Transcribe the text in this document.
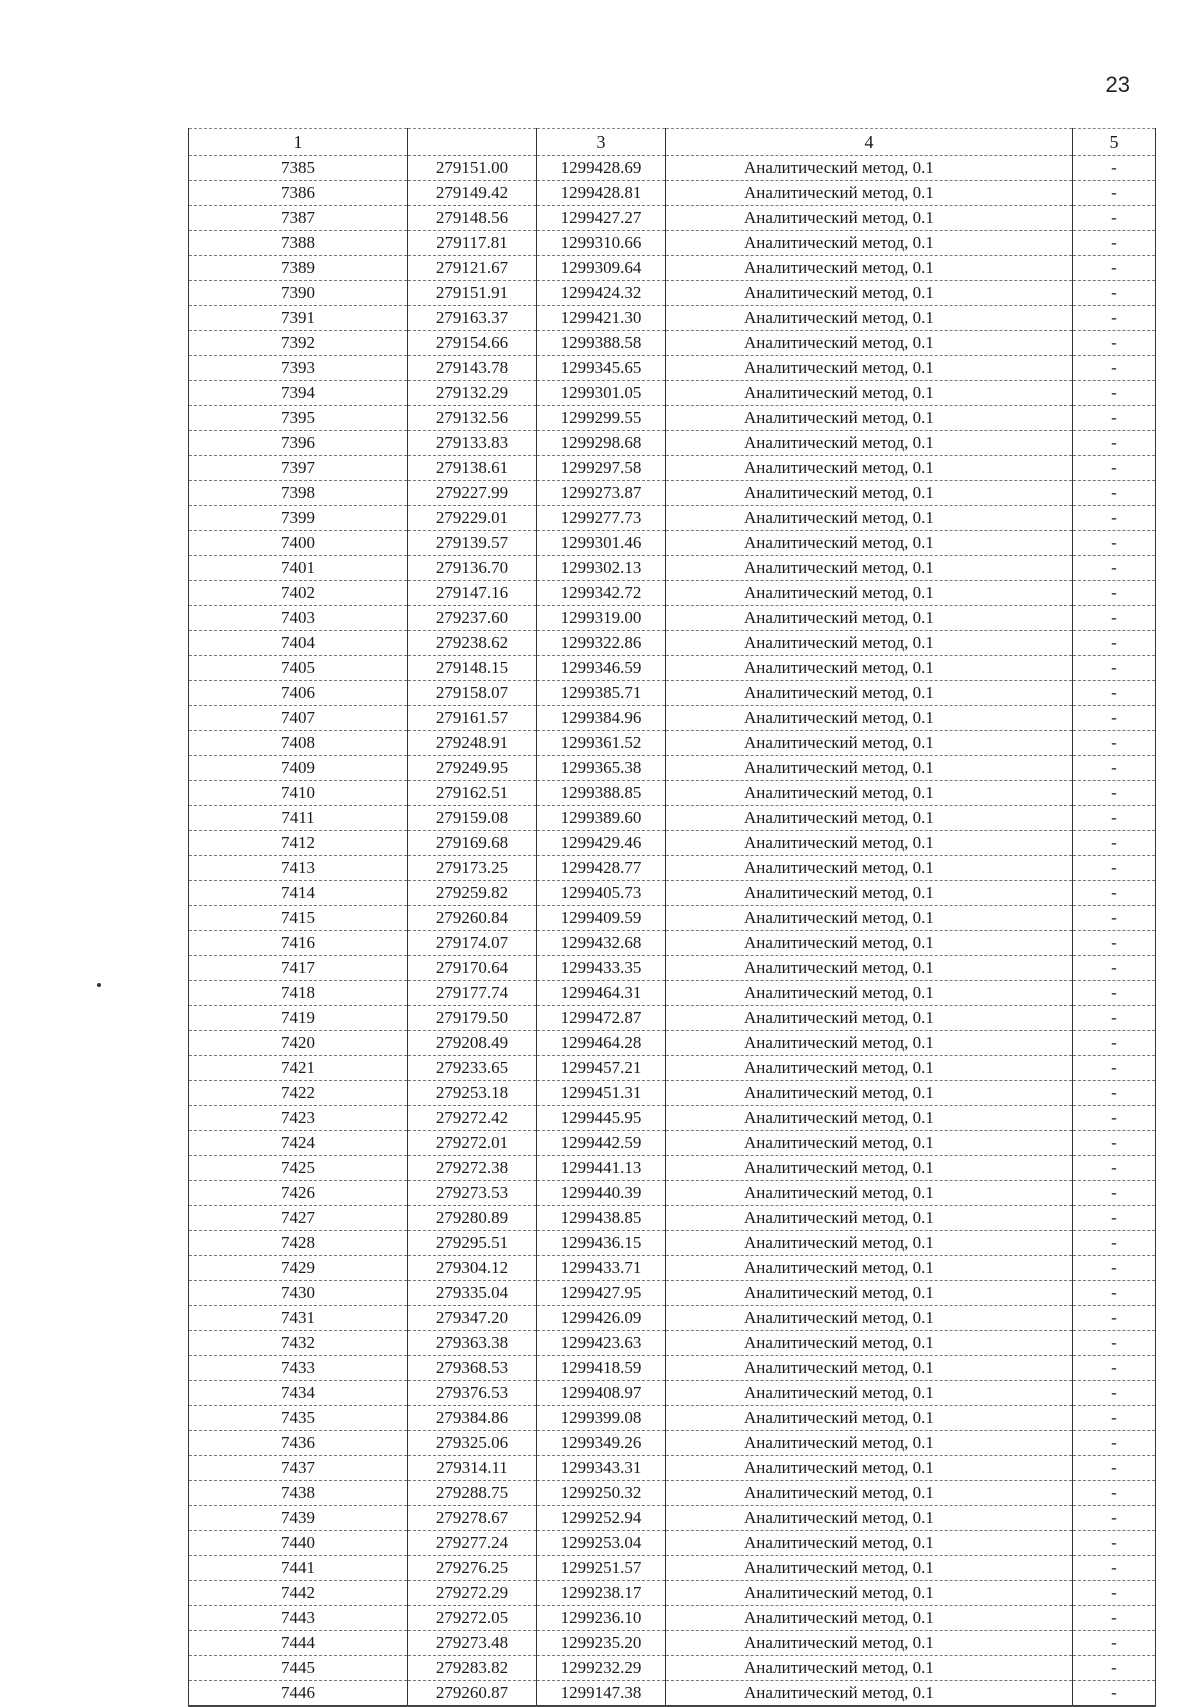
23
1		3	4	5
7385	279151.00	1299428.69	Аналитический метод, 0.1	-
7386	279149.42	1299428.81	Аналитический метод, 0.1	-
7387	279148.56	1299427.27	Аналитический метод, 0.1	-
7388	279117.81	1299310.66	Аналитический метод, 0.1	-
7389	279121.67	1299309.64	Аналитический метод, 0.1	-
7390	279151.91	1299424.32	Аналитический метод, 0.1	-
7391	279163.37	1299421.30	Аналитический метод, 0.1	-
7392	279154.66	1299388.58	Аналитический метод, 0.1	-
7393	279143.78	1299345.65	Аналитический метод, 0.1	-
7394	279132.29	1299301.05	Аналитический метод, 0.1	-
7395	279132.56	1299299.55	Аналитический метод, 0.1	-
7396	279133.83	1299298.68	Аналитический метод, 0.1	-
7397	279138.61	1299297.58	Аналитический метод, 0.1	-
7398	279227.99	1299273.87	Аналитический метод, 0.1	-
7399	279229.01	1299277.73	Аналитический метод, 0.1	-
7400	279139.57	1299301.46	Аналитический метод, 0.1	-
7401	279136.70	1299302.13	Аналитический метод, 0.1	-
7402	279147.16	1299342.72	Аналитический метод, 0.1	-
7403	279237.60	1299319.00	Аналитический метод, 0.1	-
7404	279238.62	1299322.86	Аналитический метод, 0.1	-
7405	279148.15	1299346.59	Аналитический метод, 0.1	-
7406	279158.07	1299385.71	Аналитический метод, 0.1	-
7407	279161.57	1299384.96	Аналитический метод, 0.1	-
7408	279248.91	1299361.52	Аналитический метод, 0.1	-
7409	279249.95	1299365.38	Аналитический метод, 0.1	-
7410	279162.51	1299388.85	Аналитический метод, 0.1	-
7411	279159.08	1299389.60	Аналитический метод, 0.1	-
7412	279169.68	1299429.46	Аналитический метод, 0.1	-
7413	279173.25	1299428.77	Аналитический метод, 0.1	-
7414	279259.82	1299405.73	Аналитический метод, 0.1	-
7415	279260.84	1299409.59	Аналитический метод, 0.1	-
7416	279174.07	1299432.68	Аналитический метод, 0.1	-
7417	279170.64	1299433.35	Аналитический метод, 0.1	-
7418	279177.74	1299464.31	Аналитический метод, 0.1	-
7419	279179.50	1299472.87	Аналитический метод, 0.1	-
7420	279208.49	1299464.28	Аналитический метод, 0.1	-
7421	279233.65	1299457.21	Аналитический метод, 0.1	-
7422	279253.18	1299451.31	Аналитический метод, 0.1	-
7423	279272.42	1299445.95	Аналитический метод, 0.1	-
7424	279272.01	1299442.59	Аналитический метод, 0.1	-
7425	279272.38	1299441.13	Аналитический метод, 0.1	-
7426	279273.53	1299440.39	Аналитический метод, 0.1	-
7427	279280.89	1299438.85	Аналитический метод, 0.1	-
7428	279295.51	1299436.15	Аналитический метод, 0.1	-
7429	279304.12	1299433.71	Аналитический метод, 0.1	-
7430	279335.04	1299427.95	Аналитический метод, 0.1	-
7431	279347.20	1299426.09	Аналитический метод, 0.1	-
7432	279363.38	1299423.63	Аналитический метод, 0.1	-
7433	279368.53	1299418.59	Аналитический метод, 0.1	-
7434	279376.53	1299408.97	Аналитический метод, 0.1	-
7435	279384.86	1299399.08	Аналитический метод, 0.1	-
7436	279325.06	1299349.26	Аналитический метод, 0.1	-
7437	279314.11	1299343.31	Аналитический метод, 0.1	-
7438	279288.75	1299250.32	Аналитический метод, 0.1	-
7439	279278.67	1299252.94	Аналитический метод, 0.1	-
7440	279277.24	1299253.04	Аналитический метод, 0.1	-
7441	279276.25	1299251.57	Аналитический метод, 0.1	-
7442	279272.29	1299238.17	Аналитический метод, 0.1	-
7443	279272.05	1299236.10	Аналитический метод, 0.1	-
7444	279273.48	1299235.20	Аналитический метод, 0.1	-
7445	279283.82	1299232.29	Аналитический метод, 0.1	-
7446	279260.87	1299147.38	Аналитический метод, 0.1	-
